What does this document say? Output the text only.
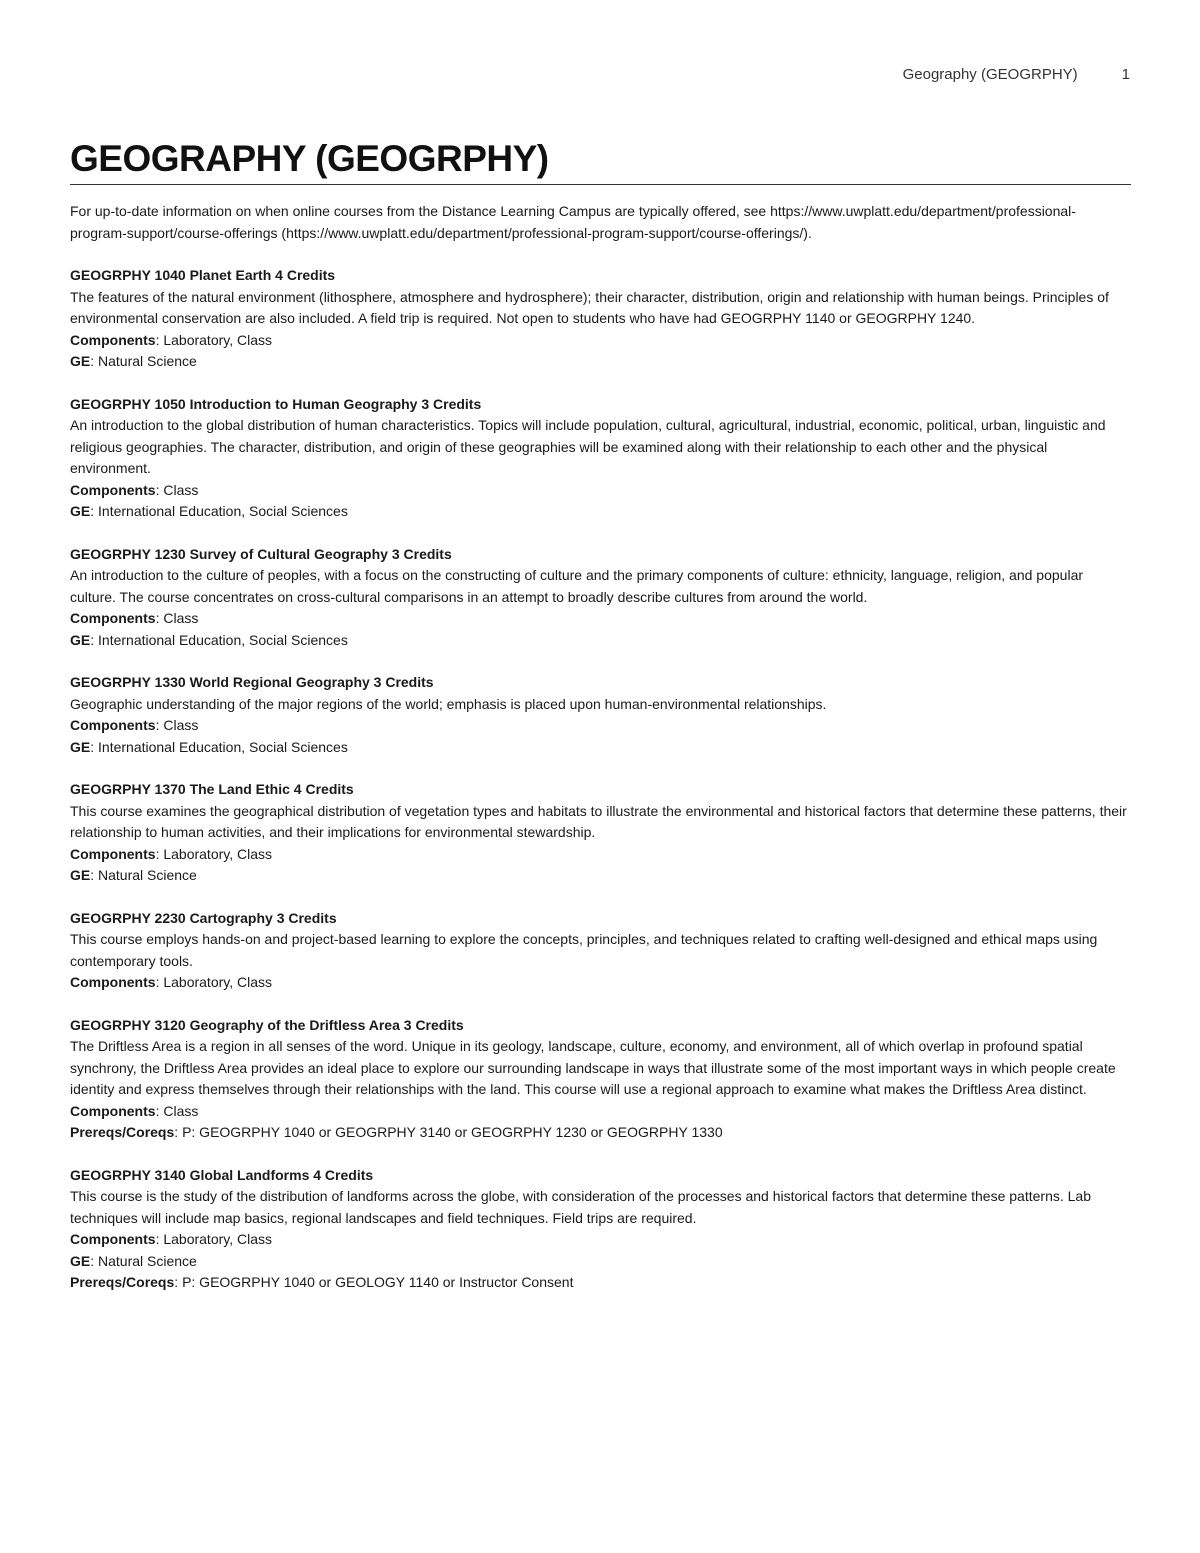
Geography (GEOGRPHY)	1
GEOGRAPHY (GEOGRPHY)
For up-to-date information on when online courses from the Distance Learning Campus are typically offered, see https://www.uwplatt.edu/department/professional-program-support/course-offerings (https://www.uwplatt.edu/department/professional-program-support/course-offerings/).
GEOGRPHY 1040 Planet Earth 4 Credits
The features of the natural environment (lithosphere, atmosphere and hydrosphere); their character, distribution, origin and relationship with human beings. Principles of environmental conservation are also included. A field trip is required. Not open to students who have had GEOGRPHY 1140 or GEOGRPHY 1240.
Components: Laboratory, Class
GE: Natural Science
GEOGRPHY 1050 Introduction to Human Geography 3 Credits
An introduction to the global distribution of human characteristics. Topics will include population, cultural, agricultural, industrial, economic, political, urban, linguistic and religious geographies. The character, distribution, and origin of these geographies will be examined along with their relationship to each other and the physical environment.
Components: Class
GE: International Education, Social Sciences
GEOGRPHY 1230 Survey of Cultural Geography 3 Credits
An introduction to the culture of peoples, with a focus on the constructing of culture and the primary components of culture: ethnicity, language, religion, and popular culture. The course concentrates on cross-cultural comparisons in an attempt to broadly describe cultures from around the world.
Components: Class
GE: International Education, Social Sciences
GEOGRPHY 1330 World Regional Geography 3 Credits
Geographic understanding of the major regions of the world; emphasis is placed upon human-environmental relationships.
Components: Class
GE: International Education, Social Sciences
GEOGRPHY 1370 The Land Ethic 4 Credits
This course examines the geographical distribution of vegetation types and habitats to illustrate the environmental and historical factors that determine these patterns, their relationship to human activities, and their implications for environmental stewardship.
Components: Laboratory, Class
GE: Natural Science
GEOGRPHY 2230 Cartography 3 Credits
This course employs hands-on and project-based learning to explore the concepts, principles, and techniques related to crafting well-designed and ethical maps using contemporary tools.
Components: Laboratory, Class
GEOGRPHY 3120 Geography of the Driftless Area 3 Credits
The Driftless Area is a region in all senses of the word. Unique in its geology, landscape, culture, economy, and environment, all of which overlap in profound spatial synchrony, the Driftless Area provides an ideal place to explore our surrounding landscape in ways that illustrate some of the most important ways in which people create identity and express themselves through their relationships with the land. This course will use a regional approach to examine what makes the Driftless Area distinct.
Components: Class
Prereqs/Coreqs: P: GEOGRPHY 1040 or GEOGRPHY 3140 or GEOGRPHY 1230 or GEOGRPHY 1330
GEOGRPHY 3140 Global Landforms 4 Credits
This course is the study of the distribution of landforms across the globe, with consideration of the processes and historical factors that determine these patterns. Lab techniques will include map basics, regional landscapes and field techniques. Field trips are required.
Components: Laboratory, Class
GE: Natural Science
Prereqs/Coreqs: P: GEOGRPHY 1040 or GEOLOGY 1140 or Instructor Consent
